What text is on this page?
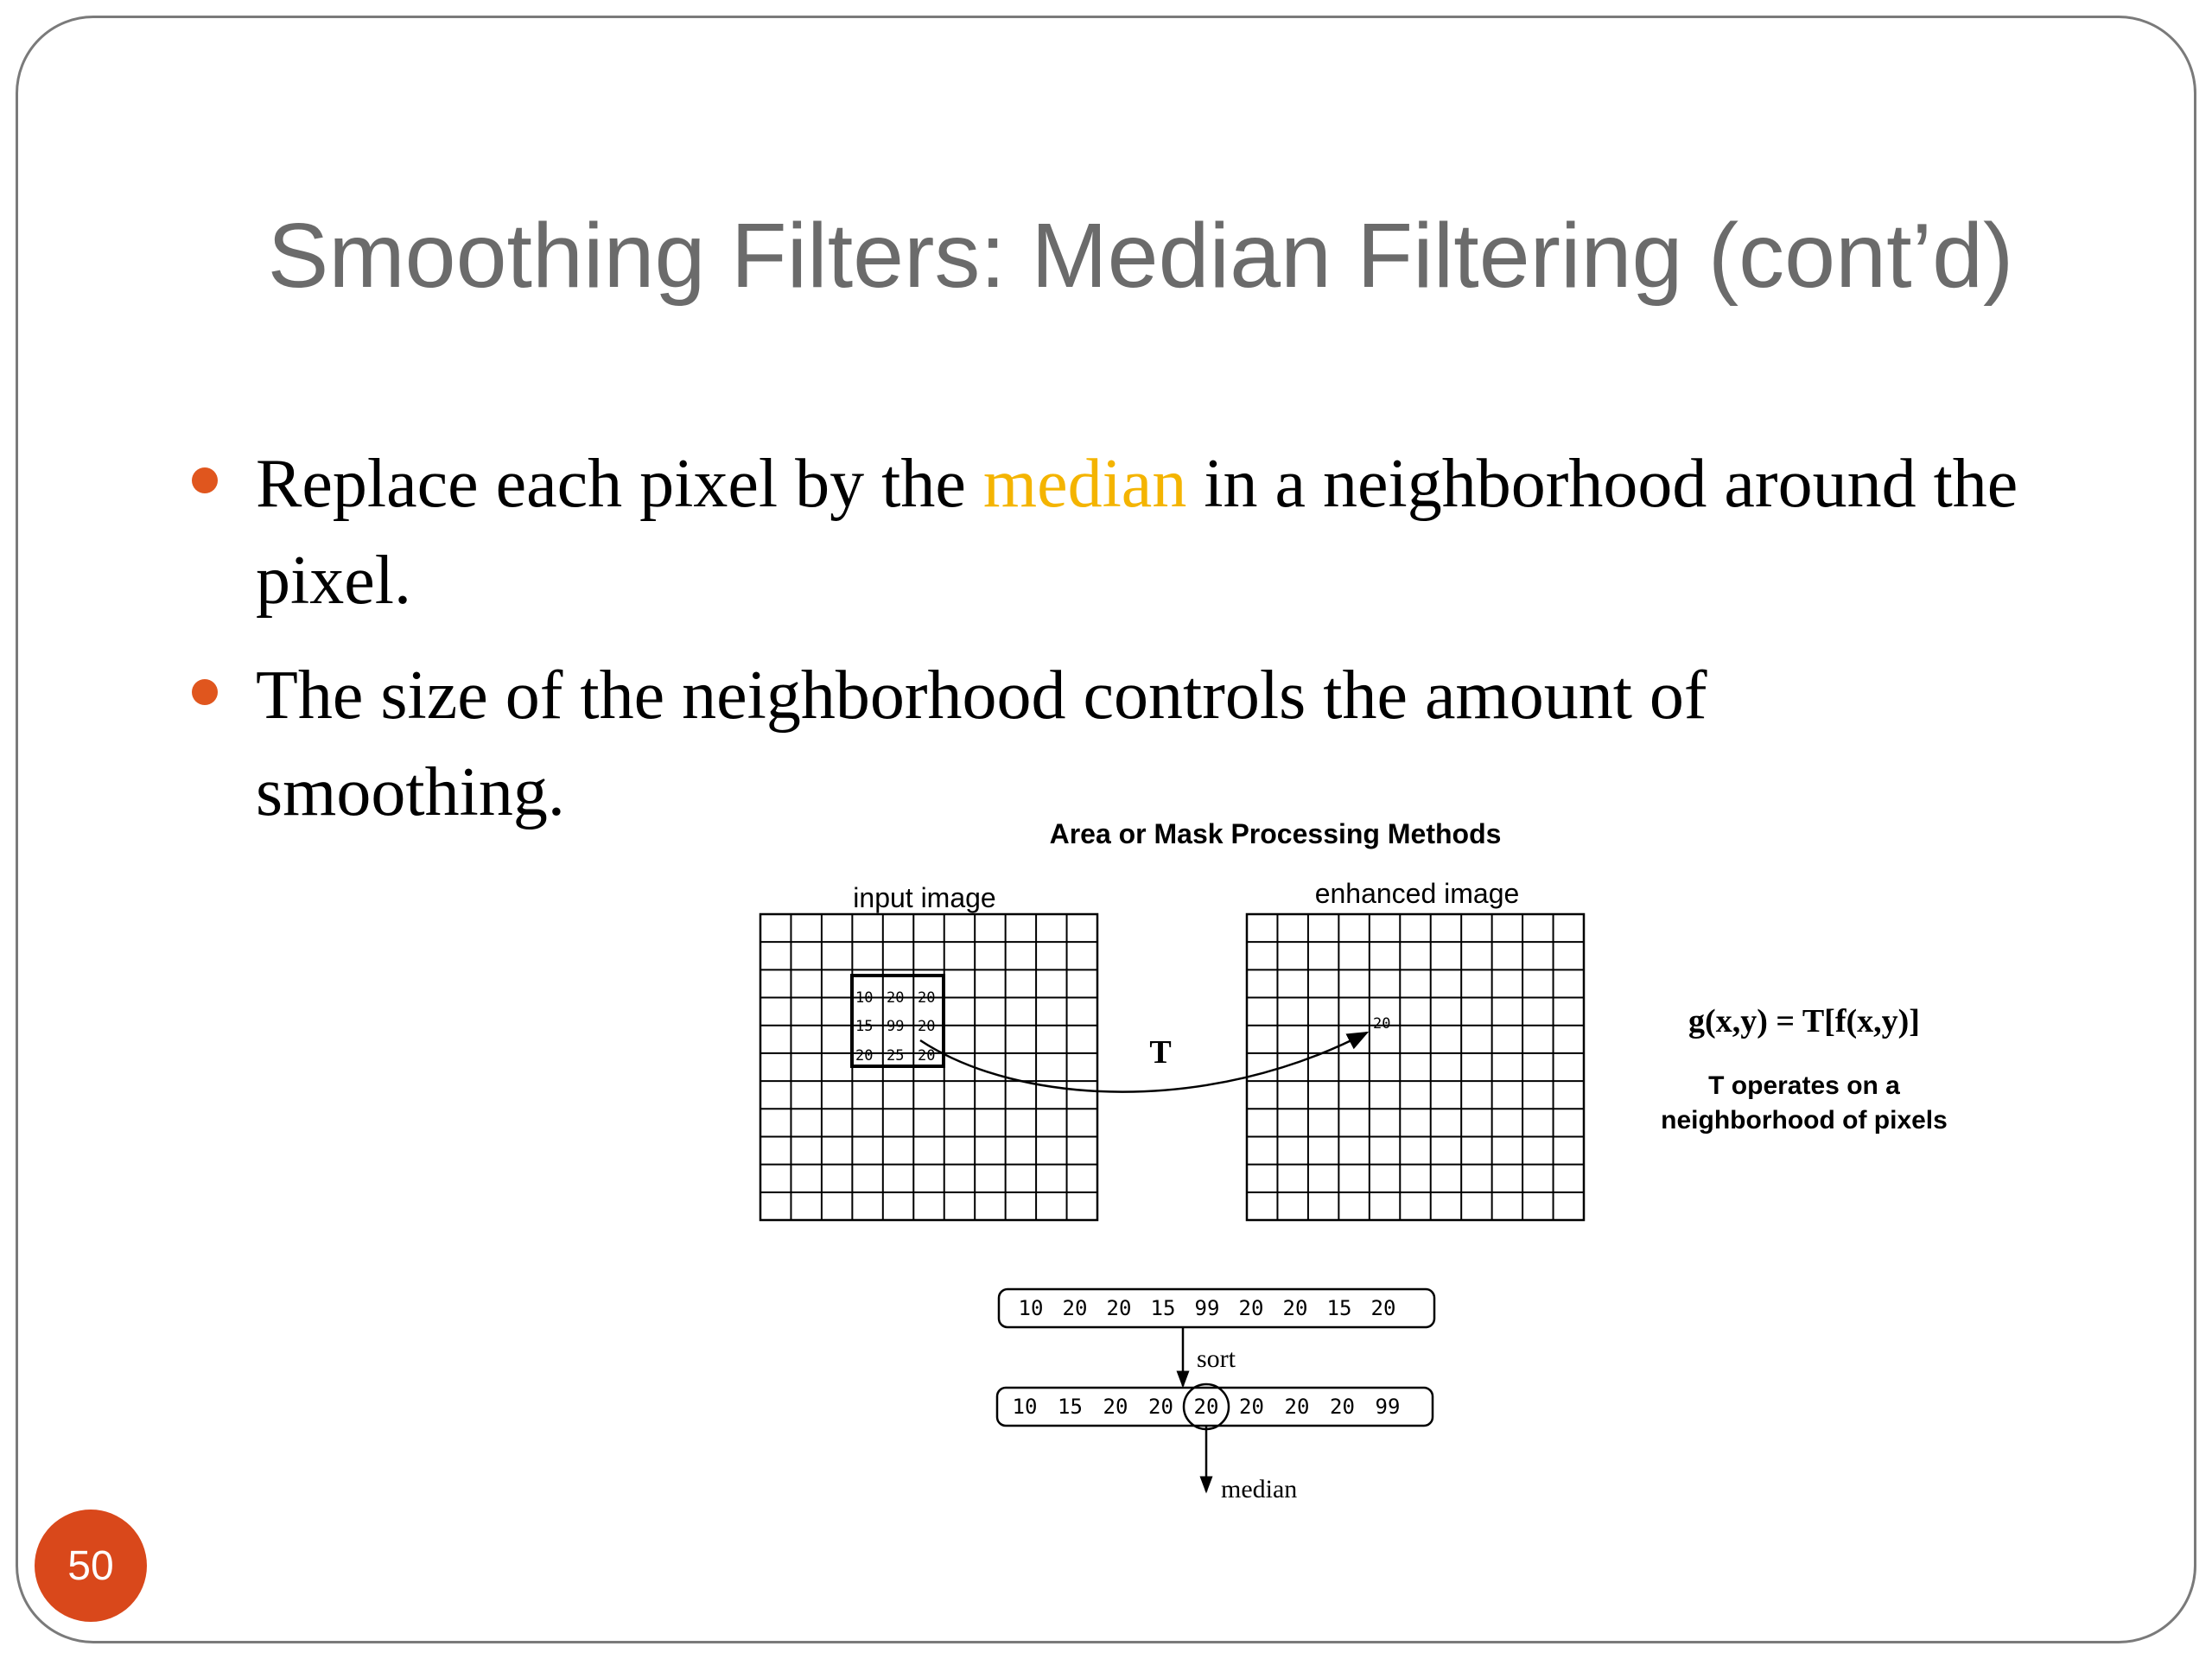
Smoothing Filters: Median Filtering (cont’d)
Replace each pixel by the median in a neighborhood around the pixel.
The size of the neighborhood controls the amount of smoothing.
Area or Mask Processing Methods
input image	enhanced image
10 20 20
15 99 20
20 25 20
20
T
g(x,y) = T[f(x,y)]
T operates on a
neighborhood of pixels
10 20 20 15 99 20 20 15 20
sort
10 15 20 20 20 20 20 20 99
median
50
